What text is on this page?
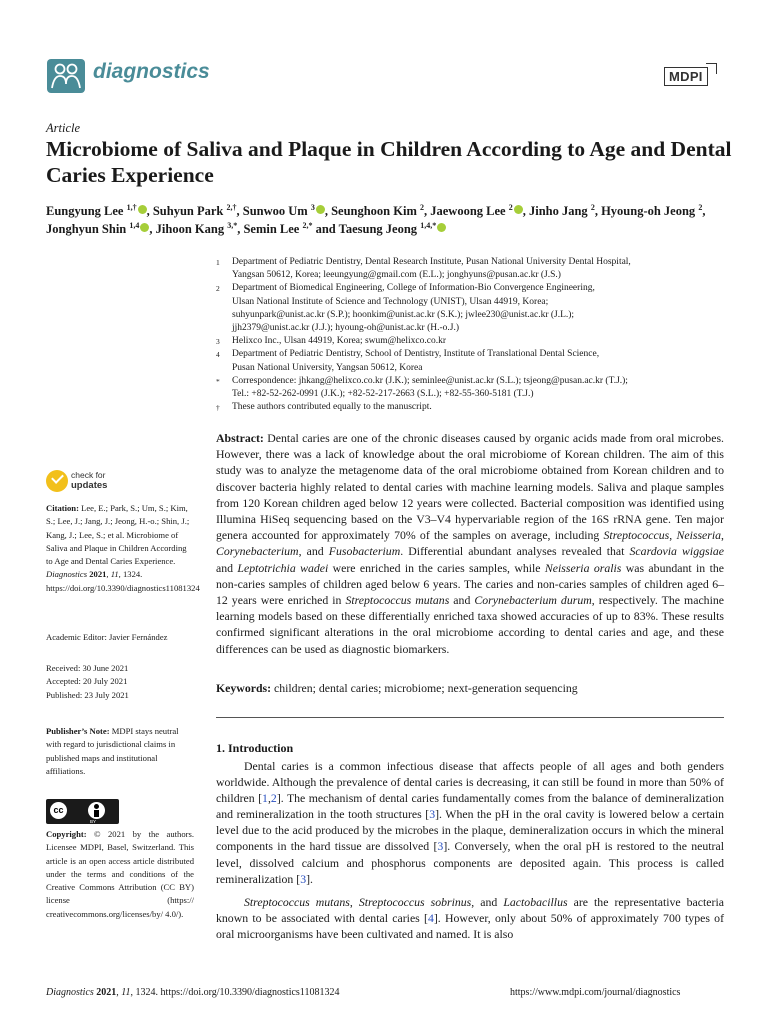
diagnostics	MDPI
Article
Microbiome of Saliva and Plaque in Children According to Age and Dental Caries Experience
Eungyung Lee $^{1,\dagger}$ , Suhyun Park $^{2,\dagger}$, Sunwoo Um $^3$ , Seunghoon Kim $^2$, Jaewoong Lee $^2$ , Jinho Jang $^2$, Hyoung-oh Jeong $^2$, Jonghyun Shin $^{1,4}$ , Jihoon Kang $^{3,*}$, Semin Lee $^{2,*}$ and Taesung Jeong $^{1,4,*}$
1	Department of Pediatric Dentistry, Dental Research Institute, Pusan National University Dental Hospital,
Yangsan 50612, Korea; leeungyung@gmail.com (E.L.); jonghyuns@pusan.ac.kr (J.S.)
2	Department of Biomedical Engineering, College of Information-Bio Convergence Engineering,
Ulsan National Institute of Science and Technology (UNIST), Ulsan 44919, Korea;
suhyunpark@unist.ac.kr (S.P.); hoonkim@unist.ac.kr (S.K.); jwlee230@unist.ac.kr (J.L.);
jjh2379@unist.ac.kr (J.J.); hyoung-oh@unist.ac.kr (H.-o.J.)
3	Helixco Inc., Ulsan 44919, Korea; swum@helixco.co.kr
4	Department of Pediatric Dentistry, School of Dentistry, Institute of Translational Dental Science,
Pusan National University, Yangsan 50612, Korea
*	Correspondence: jhkang@helixco.co.kr (J.K.); seminlee@unist.ac.kr (S.L.); tsjeong@pusan.ac.kr (T.J.);
Tel.: +82-52-262-0991 (J.K.); +82-52-217-2663 (S.L.); +82-55-360-5181 (T.J.)
†	These authors contributed equally to the manuscript.
Abstract: Dental caries are one of the chronic diseases caused by organic acids made from oral microbes. However, there was a lack of knowledge about the oral microbiome of Korean children. The aim of this study was to analyze the metagenome data of the oral microbiome obtained from Korean children and to discover bacteria highly related to dental caries with machine learning models. Saliva and plaque samples from 120 Korean children aged below 12 years were collected. Bacterial composition was identified using Illumina HiSeq sequencing based on the V3–V4 hypervariable region of the 16S rRNA gene. Ten major genera accounted for approximately 70% of the samples on average, including Streptococcus, Neisseria, Corynebacterium, and Fusobacterium. Differential abundant analyses revealed that Scardovia wiggsiae and Leptotrichia wadei were enriched in the caries samples, while Neisseria oralis was abundant in the non-caries samples of children aged below 6 years. The caries and non-caries samples of children aged 6–12 years were enriched in Streptococcus mutans and Corynebacterium durum, respectively. The machine learning models based on these differentially enriched taxa showed accuracies of up to 83%. These results confirmed significant alterations in the oral microbiome according to dental caries and age, and these differences can be used as diagnostic biomarkers.
Keywords: children; dental caries; microbiome; next-generation sequencing
1. Introduction
Dental caries is a common infectious disease that affects people of all ages and both genders worldwide. Although the prevalence of dental caries is decreasing, it can still be found in more than 50% of children [1,2]. The mechanism of dental caries fundamentally comes from the balance of demineralization and remineralization in the tooth structures [3]. When the pH in the oral cavity is lowered below a certain level due to the acid produced by the microbes in the plaque, demineralization occurs in which the mineral components in the hard tissue are dissolved [3]. Conversely, when the oral pH is restored to the neutral level, dissolved calcium and phosphorus components are deposited again. This process is called remineralization [3].
Streptococcus mutans, Streptococcus sobrinus, and Lactobacillus are the representative bacteria known to be associated with dental caries [4]. However, only about 50% of approximately 700 types of oral microorganisms have been cultivated and named. It is also
check for
updates
Citation: Lee, E.; Park, S.; Um, S.; Kim, S.; Lee, J.; Jang, J.; Jeong, H.-o.; Shin, J.; Kang, J.; Lee, S.; et al. Microbiome of Saliva and Plaque in Children According to Age and Dental Caries Experience. Diagnostics 2021, 11, 1324. https://doi.org/10.3390/diagnostics11081324
Academic Editor: Javier Fernández
Received: 30 June 2021
Accepted: 20 July 2021
Published: 23 July 2021
Publisher’s Note: MDPI stays neutral with regard to jurisdictional claims in published maps and institutional affiliations.
cc
BY
Copyright: © 2021 by the authors. Licensee MDPI, Basel, Switzerland. This article is an open access article distributed under the terms and conditions of the Creative Commons Attribution (CC BY) license (https:// creativecommons.org/licenses/by/ 4.0/).
Diagnostics 2021, 11, 1324. https://doi.org/10.3390/diagnostics11081324	https://www.mdpi.com/journal/diagnostics
